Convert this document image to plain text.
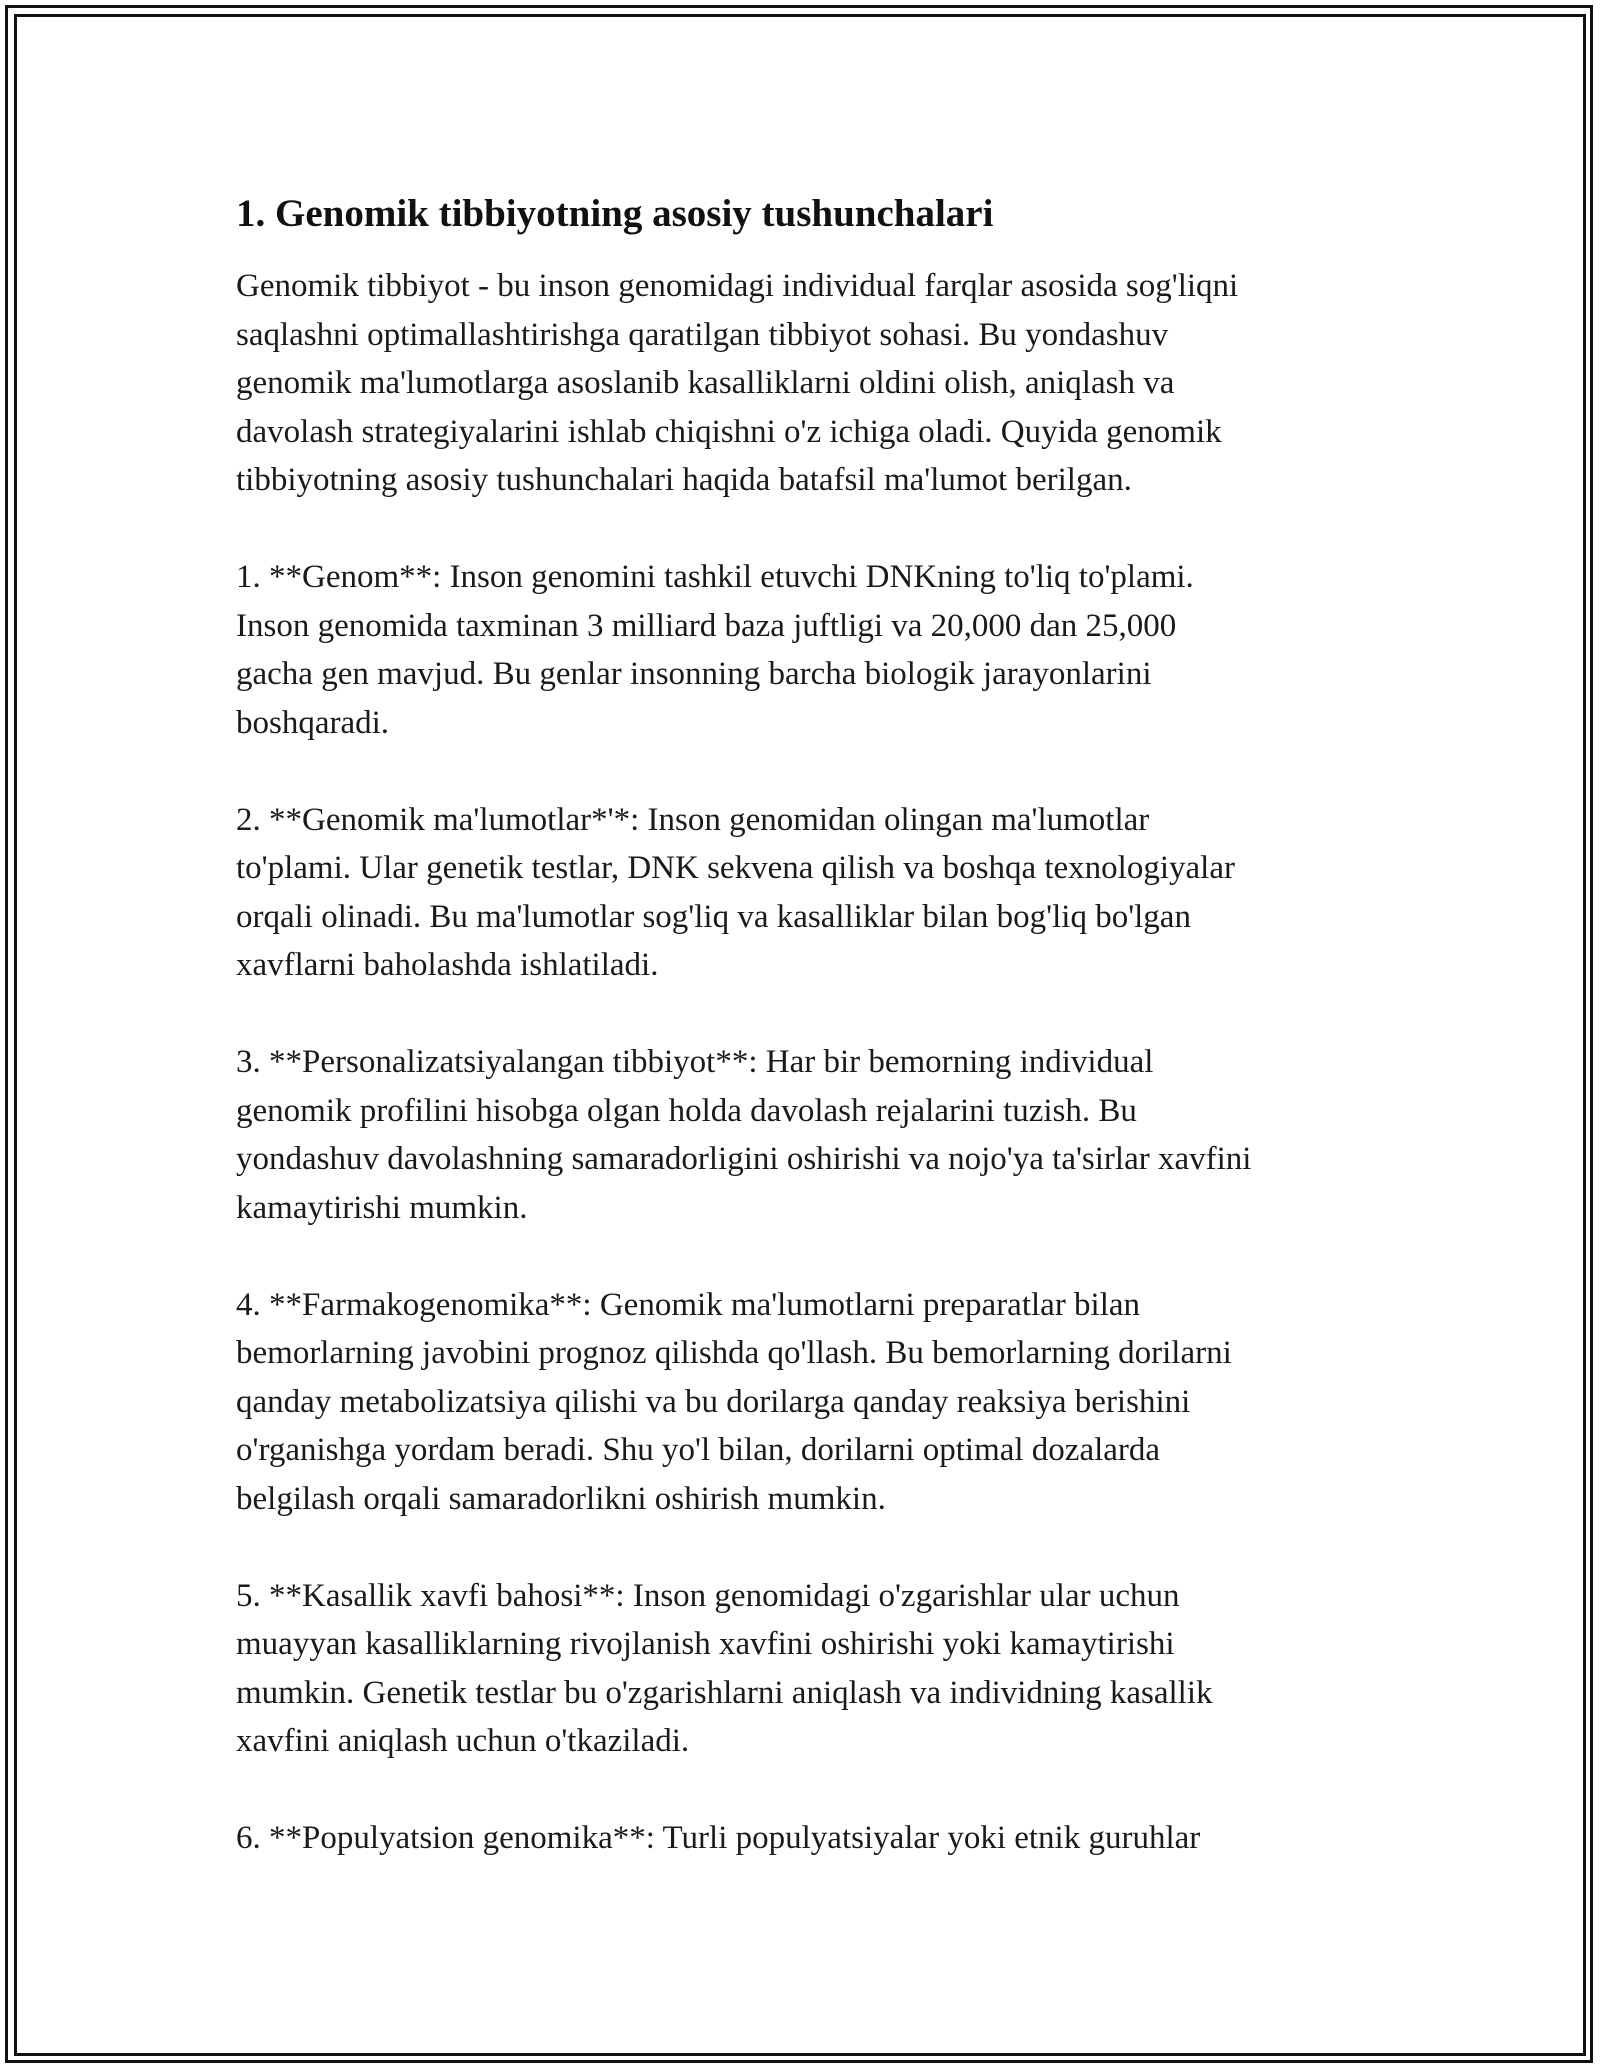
1. Genomik tibbiyotning asosiy tushunchalari

Genomik tibbiyot - bu inson genomidagi individual farqlar asosida sog'liqni
saqlashni optimallashtirishga qaratilgan tibbiyot sohasi. Bu yondashuv
genomik ma'lumotlarga asoslanib kasalliklarni oldini olish, aniqlash va
davolash strategiyalarini ishlab chiqishni o'z ichiga oladi. Quyida genomik
tibbiyotning asosiy tushunchalari haqida batafsil ma'lumot berilgan.

1. **Genom**: Inson genomini tashkil etuvchi DNKning to'liq to'plami.
Inson genomida taxminan 3 milliard baza juftligi va 20,000 dan 25,000
gacha gen mavjud. Bu genlar insonning barcha biologik jarayonlarini
boshqaradi.

2. **Genomik ma'lumotlar*'*: Inson genomidan olingan ma'lumotlar
to'plami. Ular genetik testlar, DNK sekvena qilish va boshqa texnologiyalar
orqali olinadi. Bu ma'lumotlar sog'liq va kasalliklar bilan bog'liq bo'lgan
xavflarni baholashda ishlatiladi.

3. **Personalizatsiyalangan tibbiyot**: Har bir bemorning individual
genomik profilini hisobga olgan holda davolash rejalarini tuzish. Bu
yondashuv davolashning samaradorligini oshirishi va nojo'ya ta'sirlar xavfini
kamaytirishi mumkin.

4. **Farmakogenomika**: Genomik ma'lumotlarni preparatlar bilan
bemorlarning javobini prognoz qilishda qo'llash. Bu bemorlarning dorilarni
qanday metabolizatsiya qilishi va bu dorilarga qanday reaksiya berishini
o'rganishga yordam beradi. Shu yo'l bilan, dorilarni optimal dozalarda
belgilash orqali samaradorlikni oshirish mumkin.

5. **Kasallik xavfi bahosi**: Inson genomidagi o'zgarishlar ular uchun
muayyan kasalliklarning rivojlanish xavfini oshirishi yoki kamaytirishi
mumkin. Genetik testlar bu o'zgarishlarni aniqlash va individning kasallik
xavfini aniqlash uchun o'tkaziladi.

6. **Populyatsion genomika**: Turli populyatsiyalar yoki etnik guruhlar
